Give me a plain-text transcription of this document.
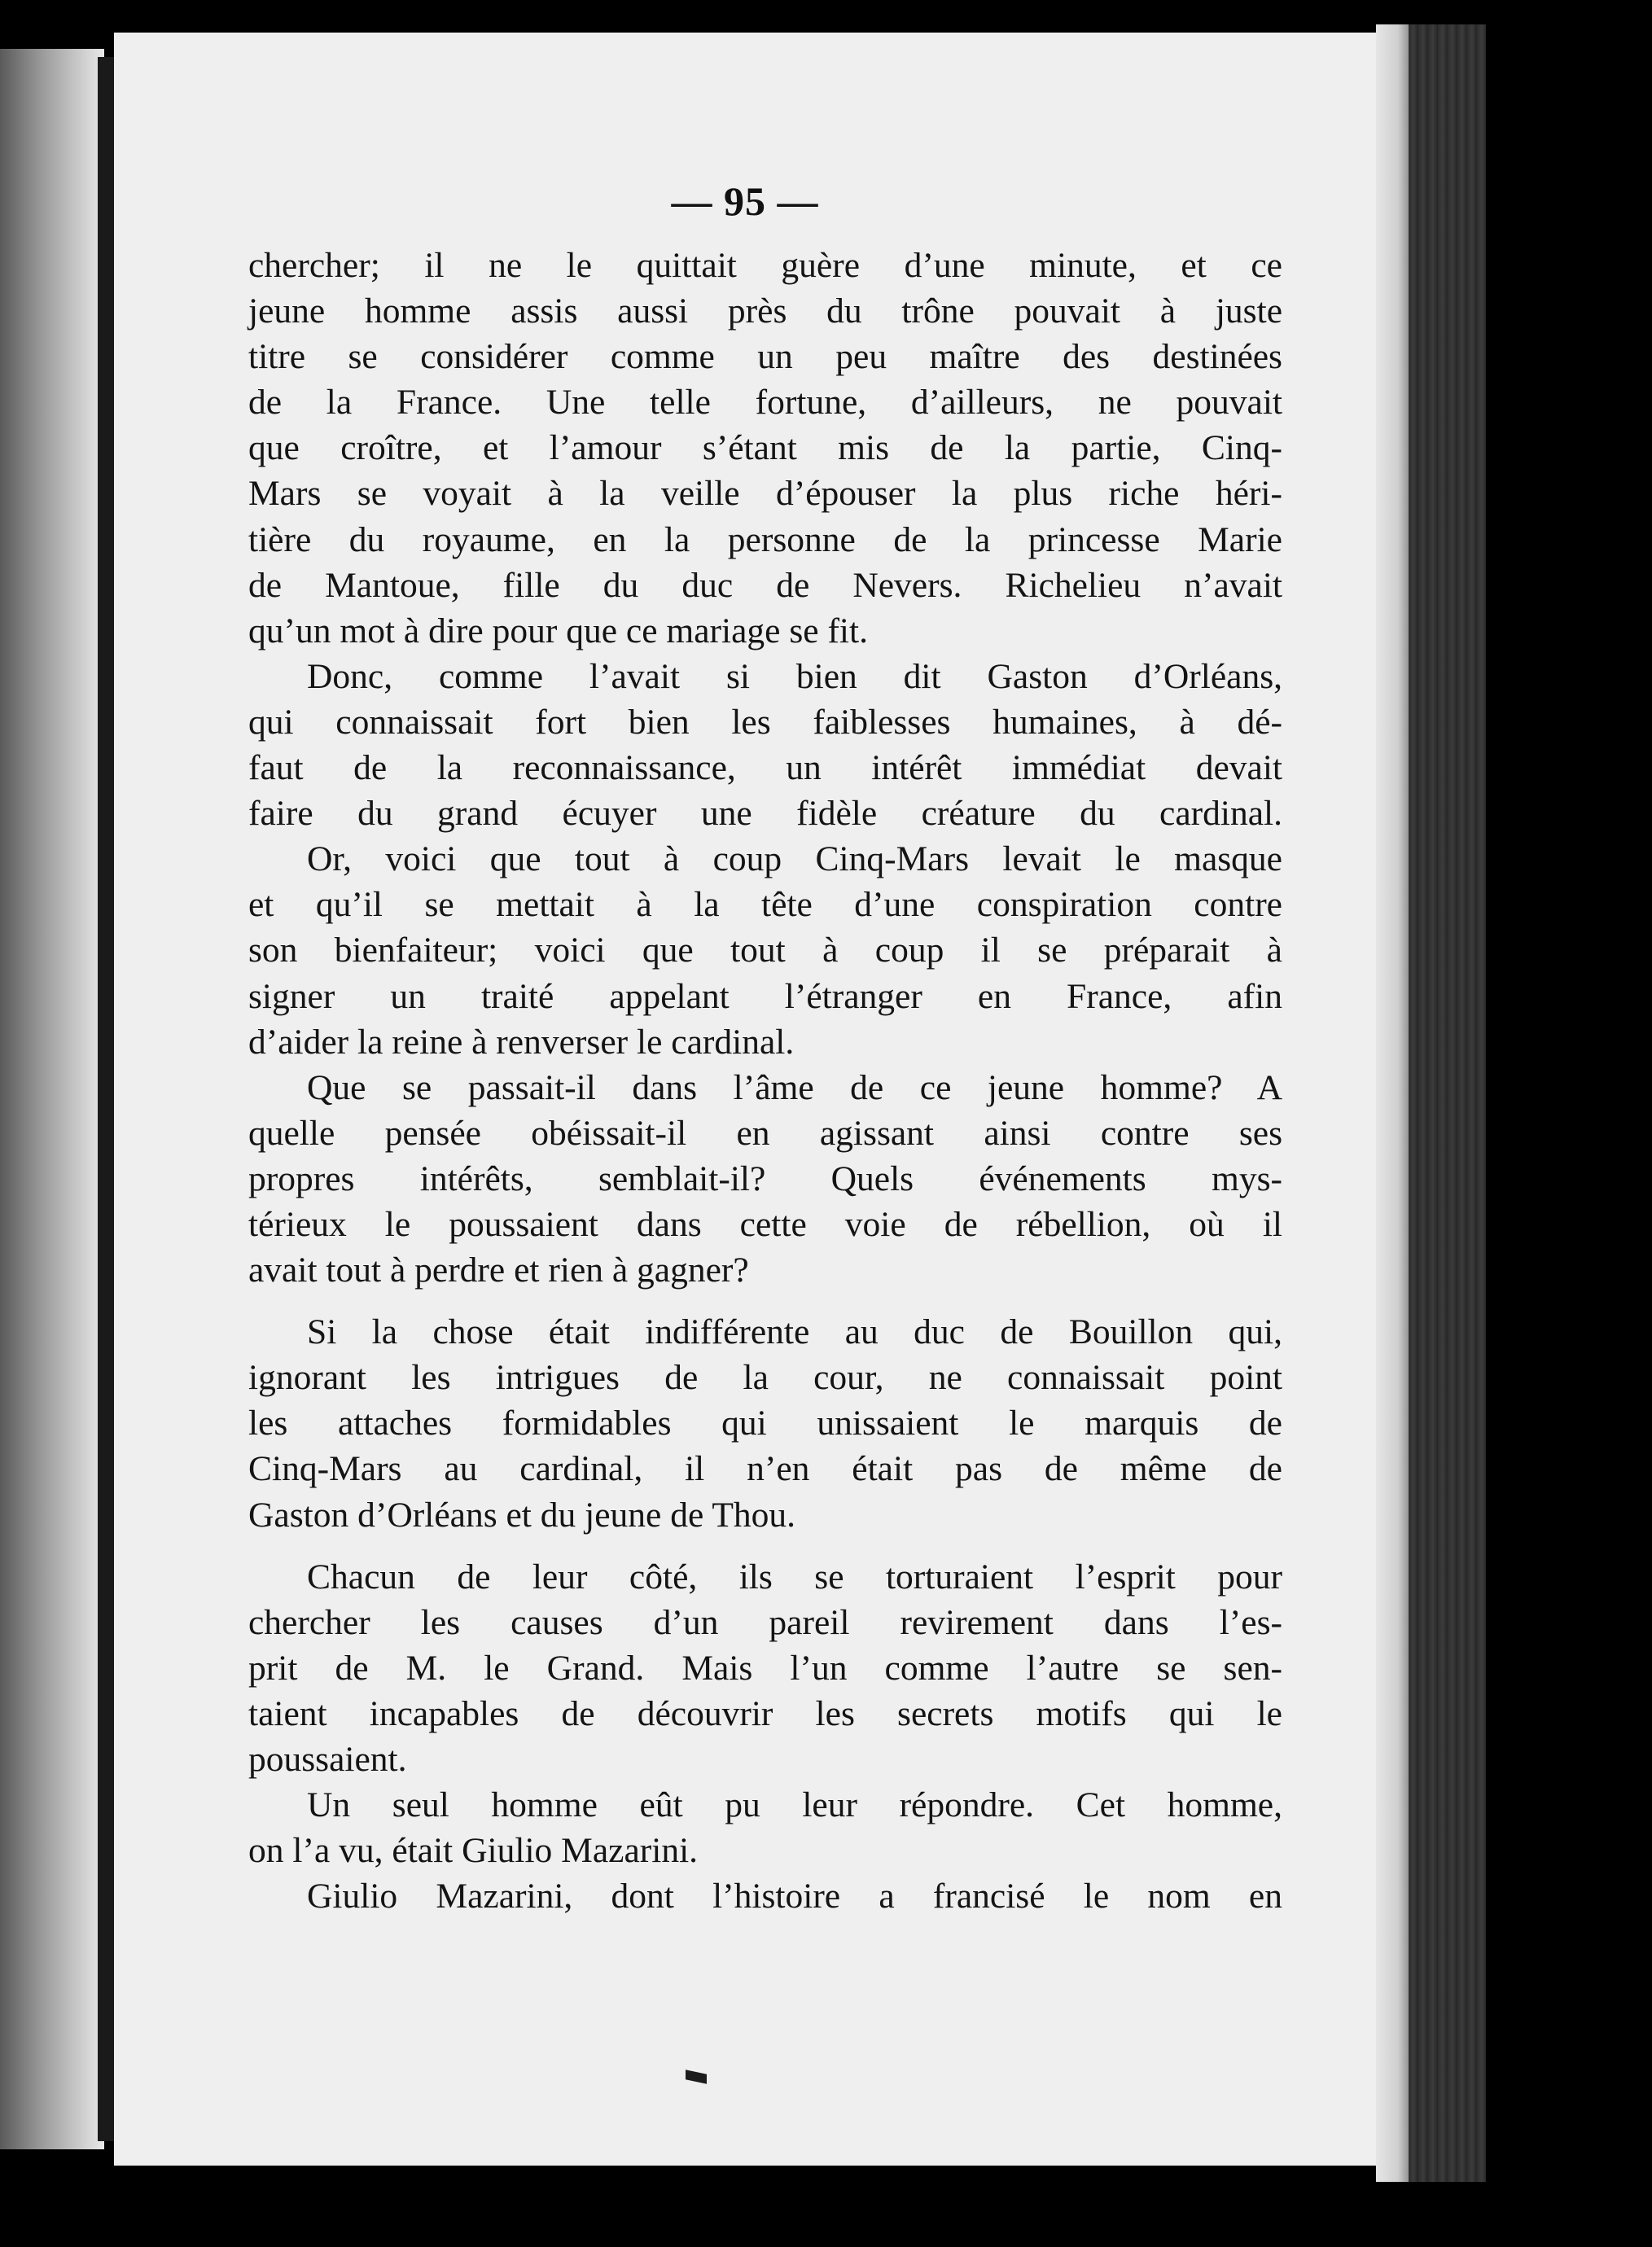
— 95 —

chercher; il ne le quittait guère d’une minute, et ce

jeune homme assis aussi près du trône pouvait à juste

titre se considérer comme un peu maître des destinées

de la France. Une telle fortune, d’ailleurs, ne pouvait

que croître, et l’amour s’étant mis de la partie, Cinq-

Mars se voyait à la veille d’épouser la plus riche héri-

tière du royaume, en la personne de la princesse Marie

de Mantoue, fille du duc de Nevers. Richelieu n’avait

qu’un mot à dire pour que ce mariage se fit.

Donc, comme l’avait si bien dit Gaston d’Orléans,

qui connaissait fort bien les faiblesses humaines, à dé-

faut de la reconnaissance, un intérêt immédiat devait

faire du grand écuyer une fidèle créature du cardinal.

Or, voici que tout à coup Cinq-Mars levait le masque

et qu’il se mettait à la tête d’une conspiration contre

son bienfaiteur; voici que tout à coup il se préparait à

signer un traité appelant l’étranger en France, afin

d’aider la reine à renverser le cardinal.

Que se passait-il dans l’âme de ce jeune homme? A

quelle pensée obéissait-il en agissant ainsi contre ses

propres intérêts, semblait-il? Quels événements mys-

térieux le poussaient dans cette voie de rébellion, où il

avait tout à perdre et rien à gagner?

Si la chose était indifférente au duc de Bouillon qui,

ignorant les intrigues de la cour, ne connaissait point

les attaches formidables qui unissaient le marquis de

Cinq-Mars au cardinal, il n’en était pas de même de

Gaston d’Orléans et du jeune de Thou.

Chacun de leur côté, ils se torturaient l’esprit pour

chercher les causes d’un pareil revirement dans l’es-

prit de M. le Grand. Mais l’un comme l’autre se sen-

taient incapables de découvrir les secrets motifs qui le

poussaient.

Un seul homme eût pu leur répondre. Cet homme,

on l’a vu, était Giulio Mazarini.

Giulio Mazarini, dont l’histoire a francisé le nom en
